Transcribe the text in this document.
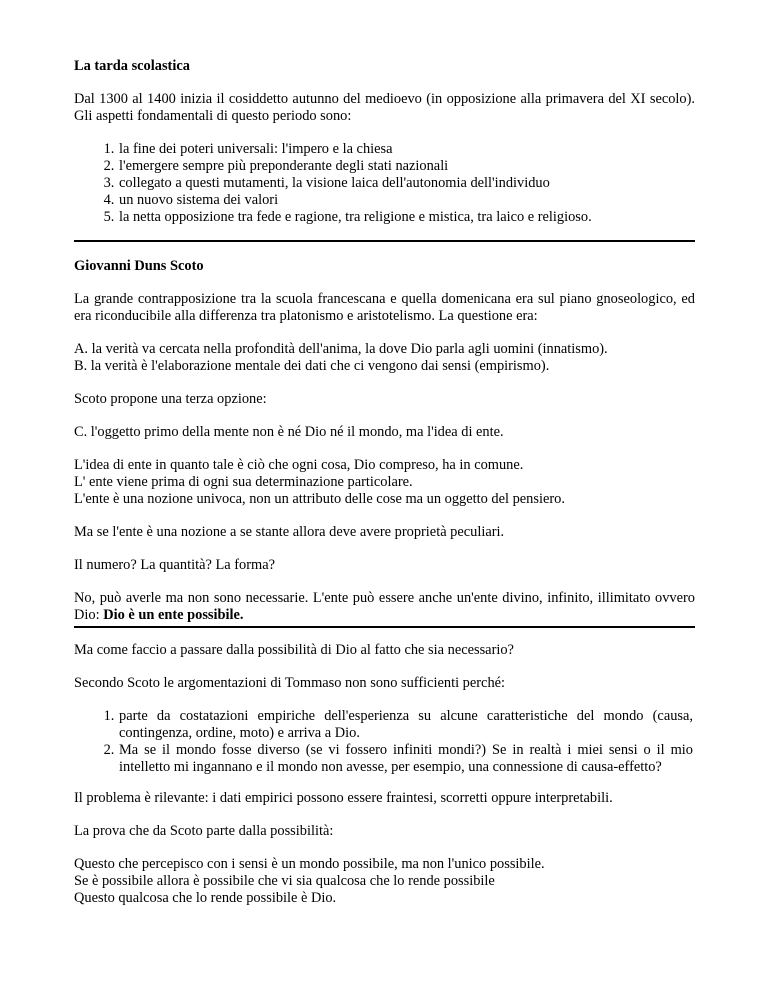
La tarda scolastica

Dal 1300 al 1400 inizia il cosiddetto autunno del medioevo (in opposizione alla primavera del XI secolo). Gli aspetti fondamentali di questo periodo sono:

1. la fine dei poteri universali: l'impero e la chiesa
2. l'emergere sempre più preponderante degli stati nazionali
3. collegato a questi mutamenti, la visione laica dell'autonomia dell'individuo
4. un nuovo sistema dei valori
5. la netta opposizione tra fede e ragione, tra religione e mistica, tra laico e religioso.
Giovanni Duns Scoto

La grande contrapposizione tra la scuola francescana e quella domenicana era sul piano gnoseologico, ed era riconducibile alla differenza tra platonismo e aristotelismo. La questione era:

A. la verità va cercata nella profondità dell'anima, la dove Dio parla agli uomini (innatismo).
B. la verità è l'elaborazione mentale dei dati che ci vengono dai sensi (empirismo).

Scoto propone una terza opzione:

C. l'oggetto primo della mente non è né Dio né il mondo, ma l'idea di ente.

L'idea di ente in quanto tale è ciò che ogni cosa, Dio compreso, ha in comune.
L' ente viene prima di ogni sua determinazione particolare.
L'ente è una nozione univoca, non un attributo delle cose ma un oggetto del pensiero.

Ma se l'ente è una nozione a se stante allora deve avere proprietà peculiari.

Il numero? La quantità? La forma?

No, può averle ma non sono necessarie. L'ente può essere anche un'ente divino, infinito, illimitato ovvero Dio: Dio è un ente possibile.

Ma come faccio a passare dalla possibilità di Dio al fatto che sia necessario?

Secondo Scoto le argomentazioni di Tommaso non sono sufficienti perché:

1. parte da costatazioni empiriche dell'esperienza su alcune caratteristiche del mondo (causa, contingenza, ordine, moto) e arriva a Dio.
2. Ma se il mondo fosse diverso (se vi fossero infiniti mondi?) Se in realtà i miei sensi o il mio intelletto mi ingannano e il mondo non avesse, per esempio, una connessione di causa-effetto?

Il problema è rilevante: i dati empirici possono essere fraintesi, scorretti oppure interpretabili.

La prova che da Scoto parte dalla possibilità:

Questo che percepisco con i sensi è un mondo possibile, ma non l'unico possibile.
Se è possibile allora è possibile che vi sia qualcosa che lo rende possibile
Questo qualcosa che lo rende possibile è Dio.
